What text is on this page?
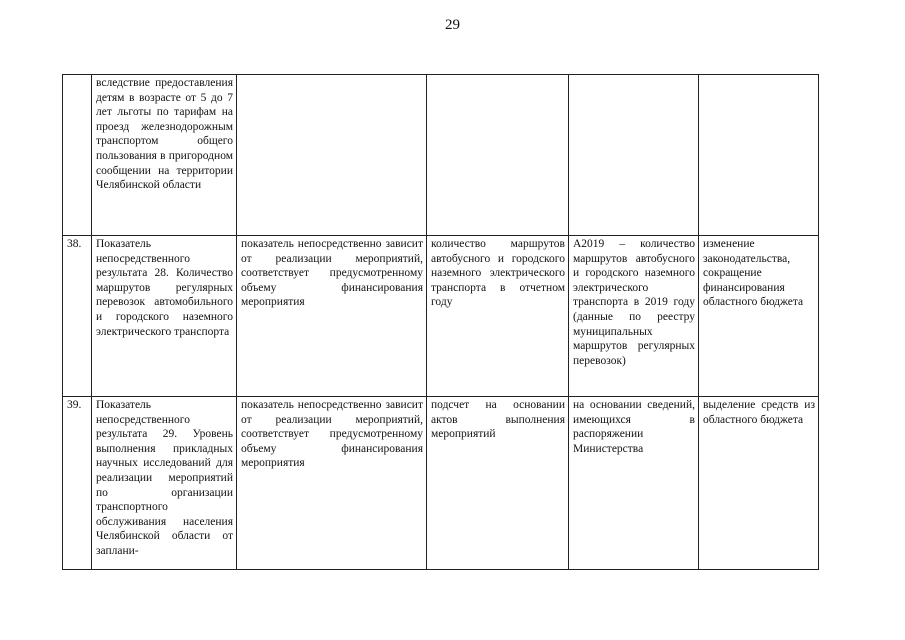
29
	вследствие предоставления детям в возрасте от 5 до 7 лет льготы по тарифам на проезд железнодорожным транспортом общего пользования в пригородном сообщении на территории Челябинской области				
38.	Показатель непосредственного результата 28. Количество маршрутов регулярных перевозок автомобильного и городского наземного электрического транспорта	показатель непосредственно зависит от реализации мероприятий, соответствует предусмотренному объему финансирования мероприятия	количество маршрутов автобусного и городского наземного электрического транспорта в отчетном году	А2019 – количество маршрутов автобусного и городского наземного электрического транспорта в 2019 году (данные по реестру муниципальных маршрутов регулярных перевозок)	изменение законодательства, сокращение финансирования областного бюджета
39.	Показатель непосредственного результата 29. Уровень выполнения прикладных научных исследований для реализации мероприятий по организации транспортного обслуживания населения Челябинской области от заплани-	показатель непосредственно зависит от реализации мероприятий, соответствует предусмотренному объему финансирования мероприятия	подсчет на основании актов выполнения мероприятий	на основании сведений, имеющихся в распоряжении Министерства	выделение средств из областного бюджета
